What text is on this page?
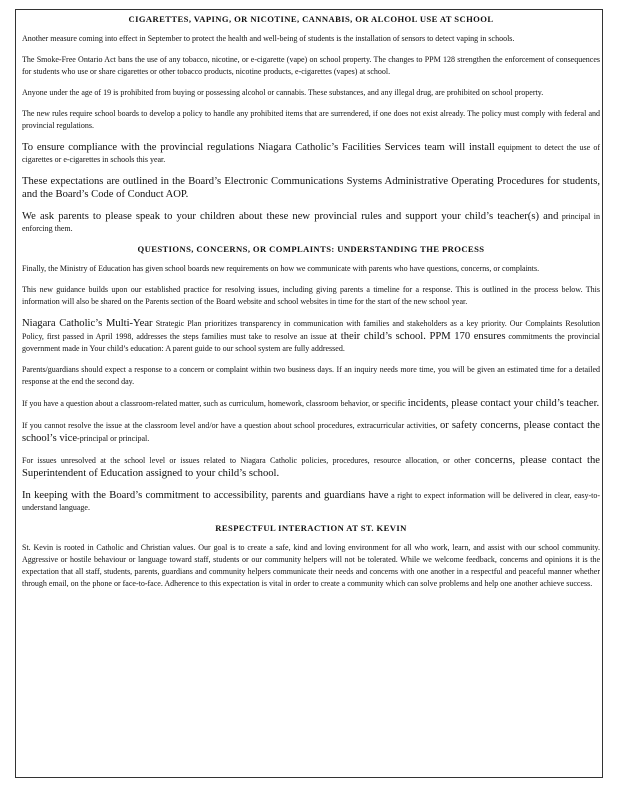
CIGARETTES, VAPING, OR NICOTINE, CANNABIS, OR ALCOHOL USE AT SCHOOL

Another measure coming into effect in September to protect the health and well-being of students is the installation of sensors to detect vaping in schools.

The Smoke-Free Ontario Act bans the use of any tobacco, nicotine, or e-cigarette (vape) on school property. The changes to PPM 128 strengthen the enforcement of consequences for students who use or share cigarettes or other tobacco products, nicotine products, e-cigarettes (vapes) at school.

Anyone under the age of 19 is prohibited from buying or possessing alcohol or cannabis. These substances, and any illegal drug, are prohibited on school property.

The new rules require school boards to develop a policy to handle any prohibited items that are surrendered, if one does not exist already. The policy must comply with federal and provincial regulations.

To ensure compliance with the provincial regulations Niagara Catholic’s Facilities Services team will install equipment to detect the use of cigarettes or e-cigarettes in schools this year.

These expectations are outlined in the Board’s Electronic Communications Systems Administrative Operating Procedures for students, and the Board’s Code of Conduct AOP.

We ask parents to please speak to your children about these new provincial rules and support your child’s teacher(s) and principal in enforcing them.

QUESTIONS, CONCERNS, OR COMPLAINTS: UNDERSTANDING THE PROCESS

Finally, the Ministry of Education has given school boards new requirements on how we communicate with parents who have questions, concerns, or complaints.

This new guidance builds upon our established practice for resolving issues, including giving parents a timeline for a response. This is outlined in the process below. This information will also be shared on the Parents section of the Board website and school websites in time for the start of the new school year.

Niagara Catholic’s Multi-Year Strategic Plan prioritizes transparency in communication with families and stakeholders as a key priority. Our Complaints Resolution Policy, first passed in April 1998, addresses the steps families must take to resolve an issue at their child’s school. PPM 170 ensures commitments the provincial government made in Your child’s education: A parent guide to our school system are fully addressed.

Parents/guardians should expect a response to a concern or complaint within two business days. If an inquiry needs more time, you will be given an estimated time for a detailed response at the end the second day.

If you have a question about a classroom-related matter, such as curriculum, homework, classroom behavior, or specific incidents, please contact your child’s teacher.

If you cannot resolve the issue at the classroom level and/or have a question about school procedures, extracurricular activities, or safety concerns, please contact the school’s vice-principal or principal.

For issues unresolved at the school level or issues related to Niagara Catholic policies, procedures, resource allocation, or other concerns, please contact the Superintendent of Education assigned to your child’s school.

In keeping with the Board’s commitment to accessibility, parents and guardians have a right to expect information will be delivered in clear, easy-to-understand language.

RESPECTFUL INTERACTION AT ST. KEVIN

St. Kevin is rooted in Catholic and Christian values. Our goal is to create a safe, kind and loving environment for all who work, learn, and assist with our school community. Aggressive or hostile behaviour or language toward staff, students or our community helpers will not be tolerated. While we welcome feedback, concerns and opinions it is the expectation that all staff, students, parents, guardians and community helpers communicate their needs and concerns with one another in a respectful and peaceful manner whether through email, on the phone or face-to-face. Adherence to this expectation is vital in order to create a community which can solve problems and help one another achieve success.
